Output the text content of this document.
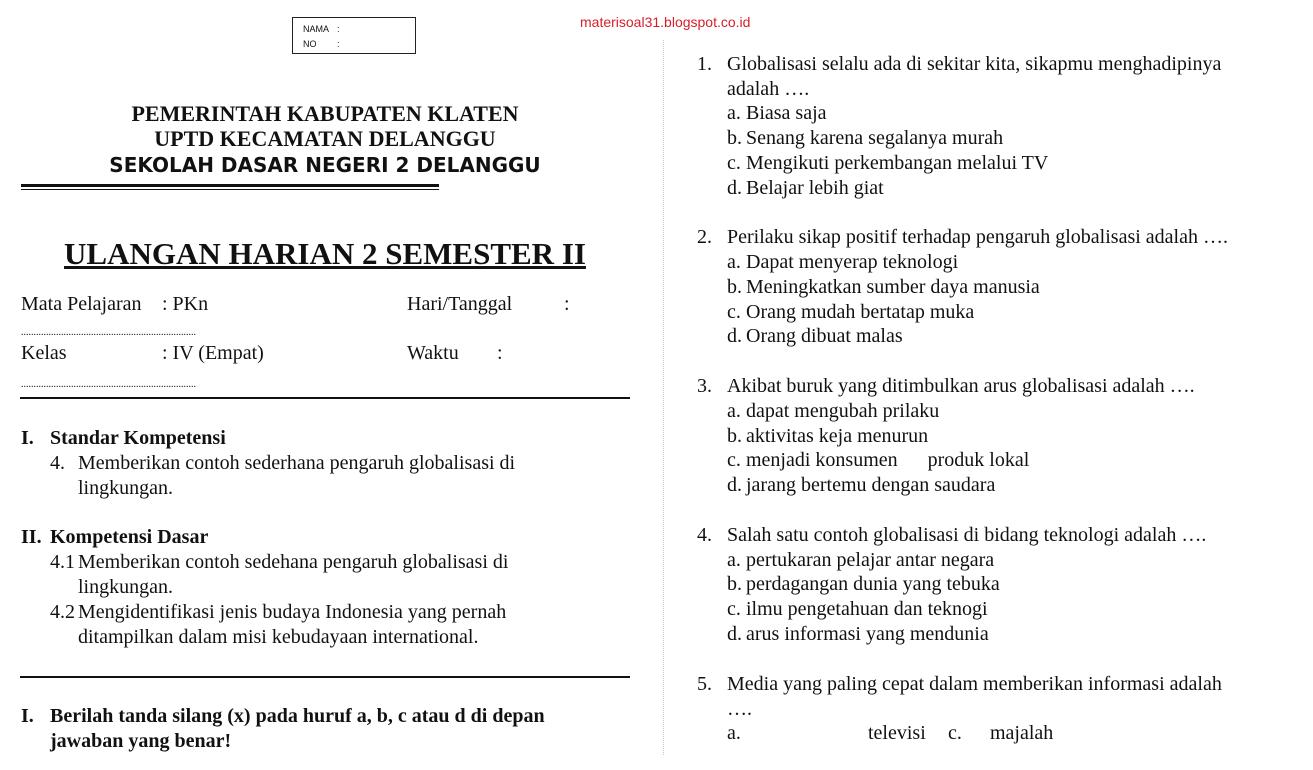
NAMA :
NO :
materisoal31.blogspot.co.id
PEMERINTAH KABUPATEN KLATEN
UPTD KECAMATAN DELANGGU
SEKOLAH DASAR NEGERI 2 DELANGGU
ULANGAN HARIAN 2 SEMESTER II
Mata Pelajaran : PKn	Hari/Tanggal	:
......................................................................
Kelas	: IV (Empat)	Waktu :
......................................................................
I. Standar Kompetensi
4. Memberikan contoh sederhana pengaruh globalisasi di
lingkungan.
II. Kompetensi Dasar
4.1 Memberikan contoh sedehana pengaruh globalisasi di
lingkungan.
4.2 Mengidentifikasi jenis budaya Indonesia yang pernah
ditampilkan dalam misi kebudayaan international.
I. Berilah tanda silang (x) pada huruf a, b, c atau d di depan
jawaban yang benar!
1. Globalisasi selalu ada di sekitar kita, sikapmu menghadipinya
adalah ….
a. Biasa saja
b. Senang karena segalanya murah
c. Mengikuti perkembangan melalui TV
d. Belajar lebih giat
2. Perilaku sikap positif terhadap pengaruh globalisasi adalah ….
a. Dapat menyerap teknologi
b. Meningkatkan sumber daya manusia
c. Orang mudah bertatap muka
d. Orang dibuat malas
3. Akibat buruk yang ditimbulkan arus globalisasi adalah ….
a. dapat mengubah prilaku
b. aktivitas keja menurun
c. menjadi konsumen      produk lokal
d. jarang bertemu dengan saudara
4. Salah satu contoh globalisasi di bidang teknologi adalah ….
a. pertukaran pelajar antar negara
b. perdagangan dunia yang tebuka
c. ilmu pengetahuan dan teknogi
d. arus informasi yang mendunia
5. Media yang paling cepat dalam memberikan informasi adalah
….
a.	televisi c. majalah
